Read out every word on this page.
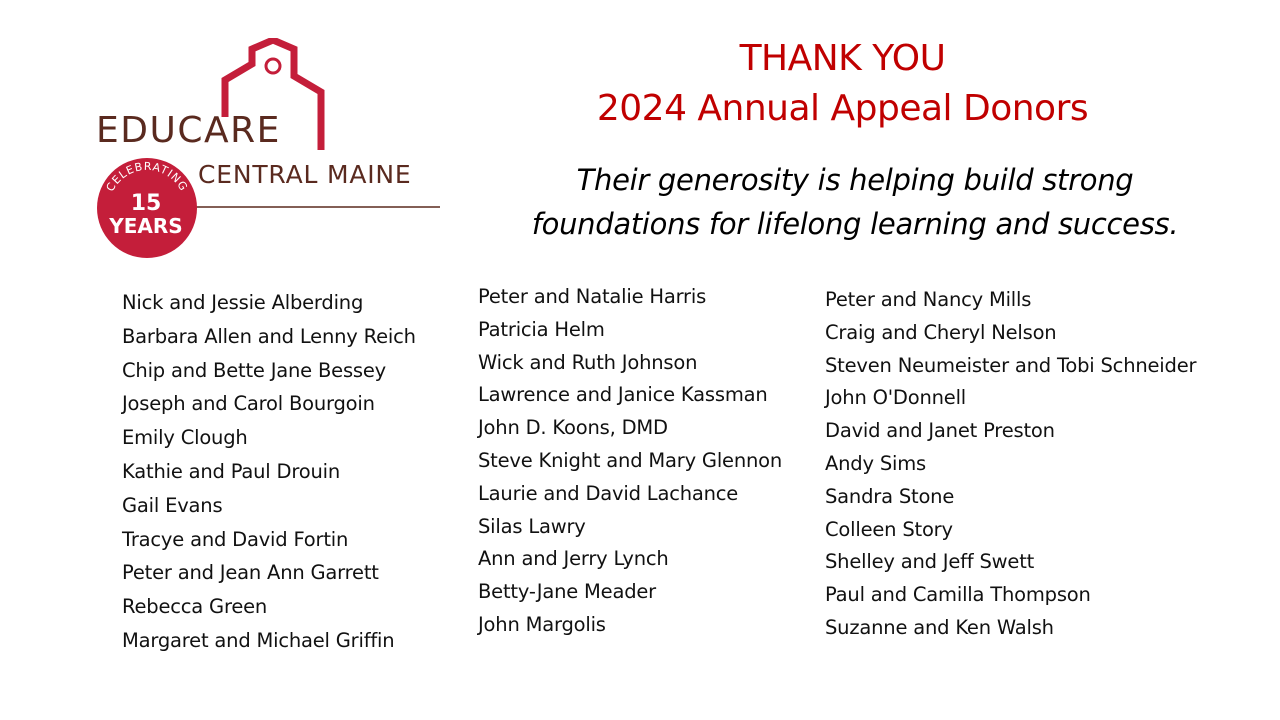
CELEBRATING
EDUCARE
CENTRAL MAINE
15
YEARS
THANK YOU
2024 Annual Appeal Donors
Their generosity is helping build strong
foundations for lifelong learning and success.
Nick and Jessie Alberding
Barbara Allen and Lenny Reich
Chip and Bette Jane Bessey
Joseph and Carol Bourgoin
Emily Clough
Kathie and Paul Drouin
Gail Evans
Tracye and David Fortin
Peter and Jean Ann Garrett
Rebecca Green
Margaret and Michael Griffin
Peter and Natalie Harris
Patricia Helm
Wick and Ruth Johnson
Lawrence and Janice Kassman
John D. Koons, DMD
Steve Knight and Mary Glennon
Laurie and David Lachance
Silas Lawry
Ann and Jerry Lynch
Betty-Jane Meader
John Margolis
Peter and Nancy Mills
Craig and Cheryl Nelson
Steven Neumeister and Tobi Schneider
John O'Donnell
David and Janet Preston
Andy Sims
Sandra Stone
Colleen Story
Shelley and Jeff Swett
Paul and Camilla Thompson
Suzanne and Ken Walsh
